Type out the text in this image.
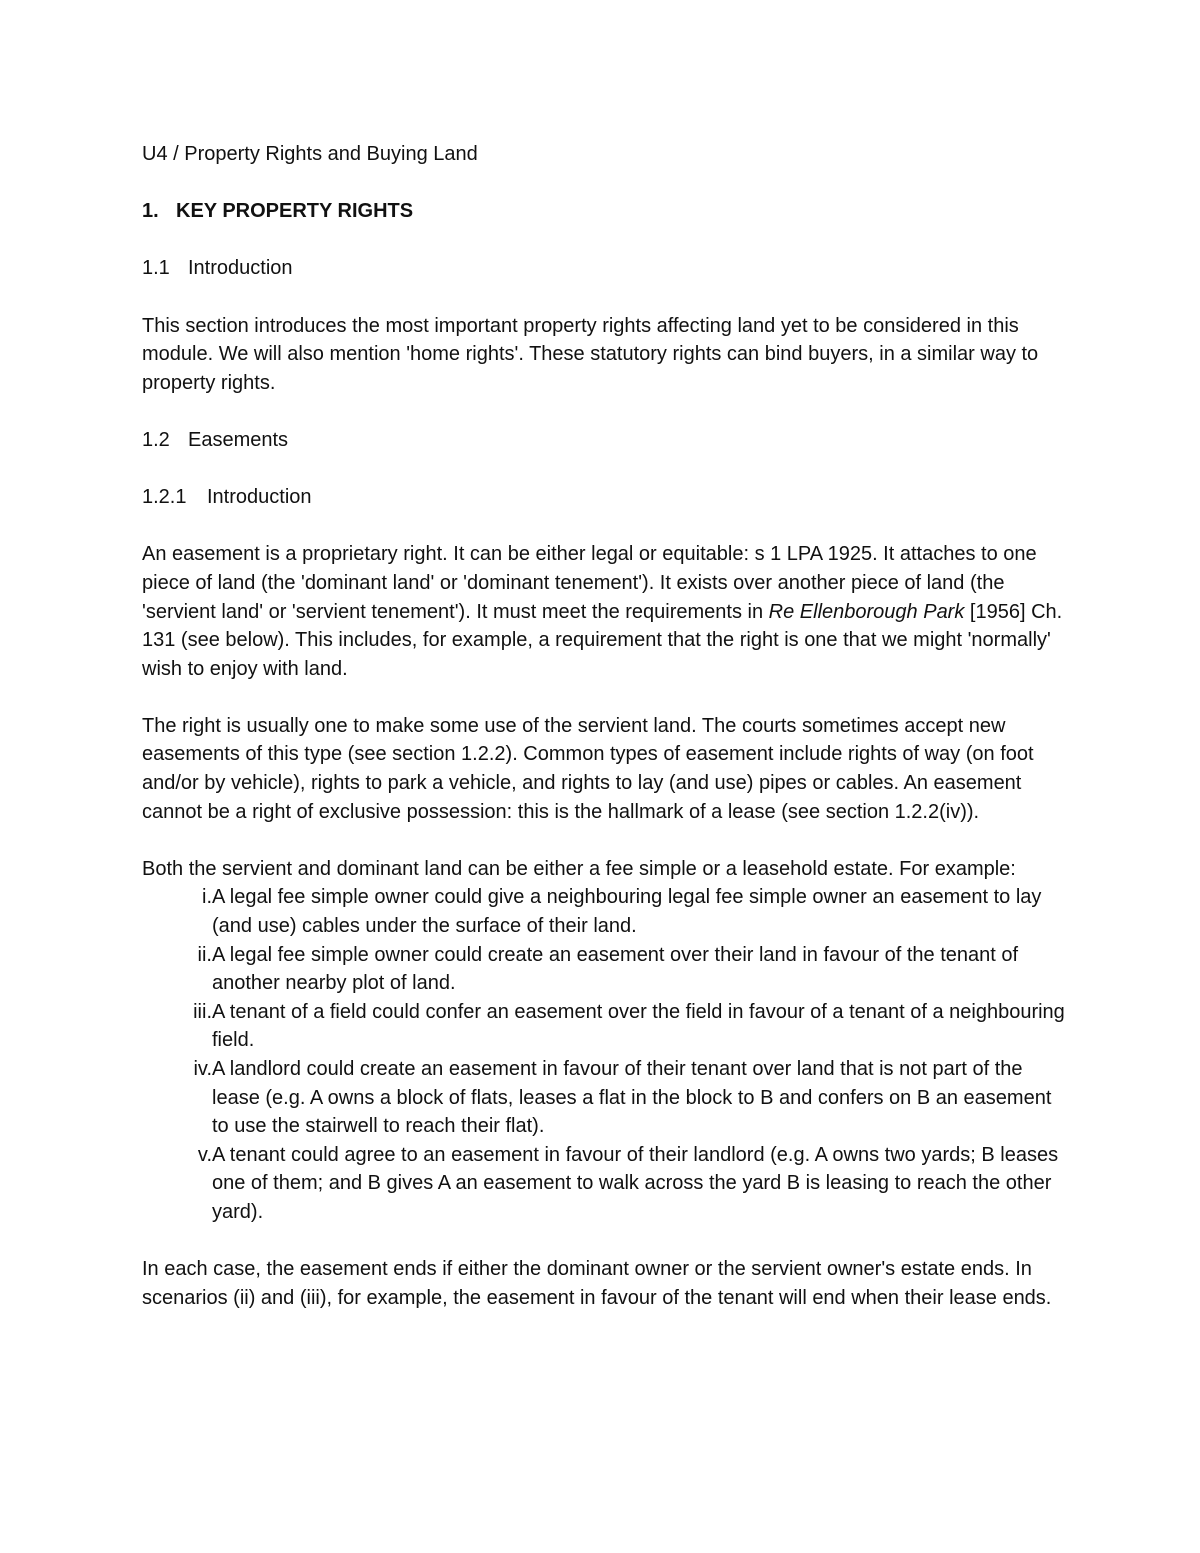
U4 / Property Rights and Buying Land

1. KEY PROPERTY RIGHTS

1.1 Introduction

This section introduces the most important property rights affecting land yet to be considered in this module. We will also mention 'home rights'. These statutory rights can bind buyers, in a similar way to property rights.

1.2 Easements

1.2.1 Introduction

An easement is a proprietary right. It can be either legal or equitable: s 1 LPA 1925. It attaches to one piece of land (the 'dominant land' or 'dominant tenement'). It exists over another piece of land (the 'servient land' or 'servient tenement'). It must meet the requirements in Re Ellenborough Park [1956] Ch. 131 (see below). This includes, for example, a requirement that the right is one that we might 'normally' wish to enjoy with land.

The right is usually one to make some use of the servient land. The courts sometimes accept new easements of this type (see section 1.2.2). Common types of easement include rights of way (on foot and/or by vehicle), rights to park a vehicle, and rights to lay (and use) pipes or cables. An easement cannot be a right of exclusive possession: this is the hallmark of a lease (see section 1.2.2(iv)).

Both the servient and dominant land can be either a fee simple or a leasehold estate. For example:

i. A legal fee simple owner could give a neighbouring legal fee simple owner an easement to lay (and use) cables under the surface of their land.
ii. A legal fee simple owner could create an easement over their land in favour of the tenant of another nearby plot of land.
iii. A tenant of a field could confer an easement over the field in favour of a tenant of a neighbouring field.
iv. A landlord could create an easement in favour of their tenant over land that is not part of the lease (e.g. A owns a block of flats, leases a flat in the block to B and confers on B an easement to use the stairwell to reach their flat).
v. A tenant could agree to an easement in favour of their landlord (e.g. A owns two yards; B leases one of them; and B gives A an easement to walk across the yard B is leasing to reach the other yard).

In each case, the easement ends if either the dominant owner or the servient owner's estate ends. In scenarios (ii) and (iii), for example, the easement in favour of the tenant will end when their lease ends.
